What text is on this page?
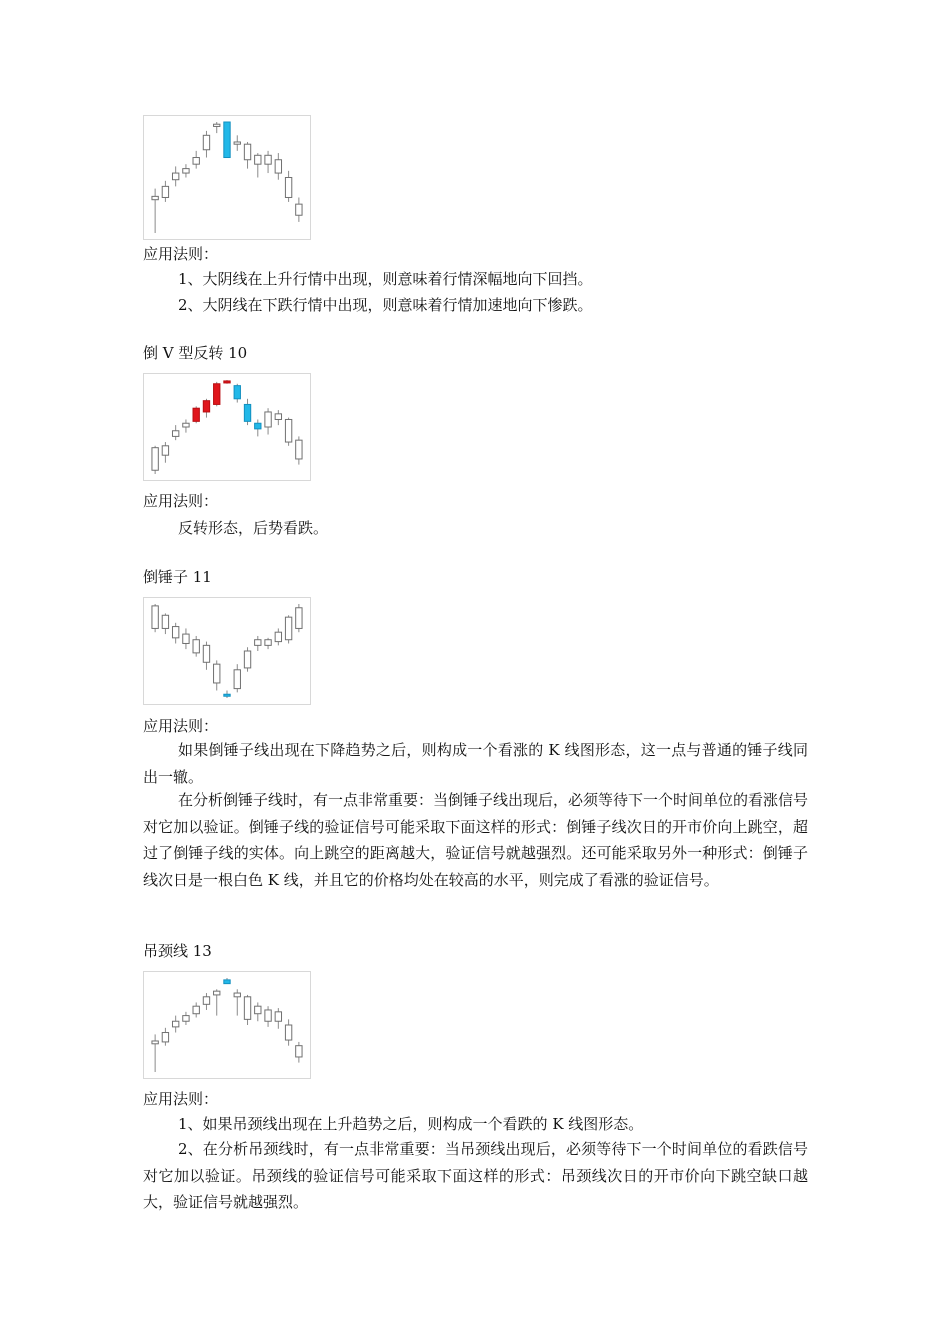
应用法则：
1、大阴线在上升行情中出现，则意味着行情深幅地向下回挡。
2、大阴线在下跌行情中出现，则意味着行情加速地向下惨跌。
倒 V 型反转 10
应用法则：
反转形态，后势看跌。
倒锤子 11
应用法则：
如果倒锤子线出现在下降趋势之后，则构成一个看涨的 K 线图形态，这一点与普通的锤子线同出一辙。
在分析倒锤子线时，有一点非常重要：当倒锤子线出现后，必须等待下一个时间单位的看涨信号对它加以验证。倒锤子线的验证信号可能采取下面这样的形式：倒锤子线次日的开市价向上跳空，超过了倒锤子线的实体。向上跳空的距离越大，验证信号就越强烈。还可能采取另外一种形式：倒锤子线次日是一根白色 K 线，并且它的价格均处在较高的水平，则完成了看涨的验证信号。
吊颈线 13
应用法则：
1、如果吊颈线出现在上升趋势之后，则构成一个看跌的 K 线图形态。
2、在分析吊颈线时，有一点非常重要：当吊颈线出现后，必须等待下一个时间单位的看跌信号对它加以验证。吊颈线的验证信号可能采取下面这样的形式：吊颈线次日的开市价向下跳空缺口越大，验证信号就越强烈。
